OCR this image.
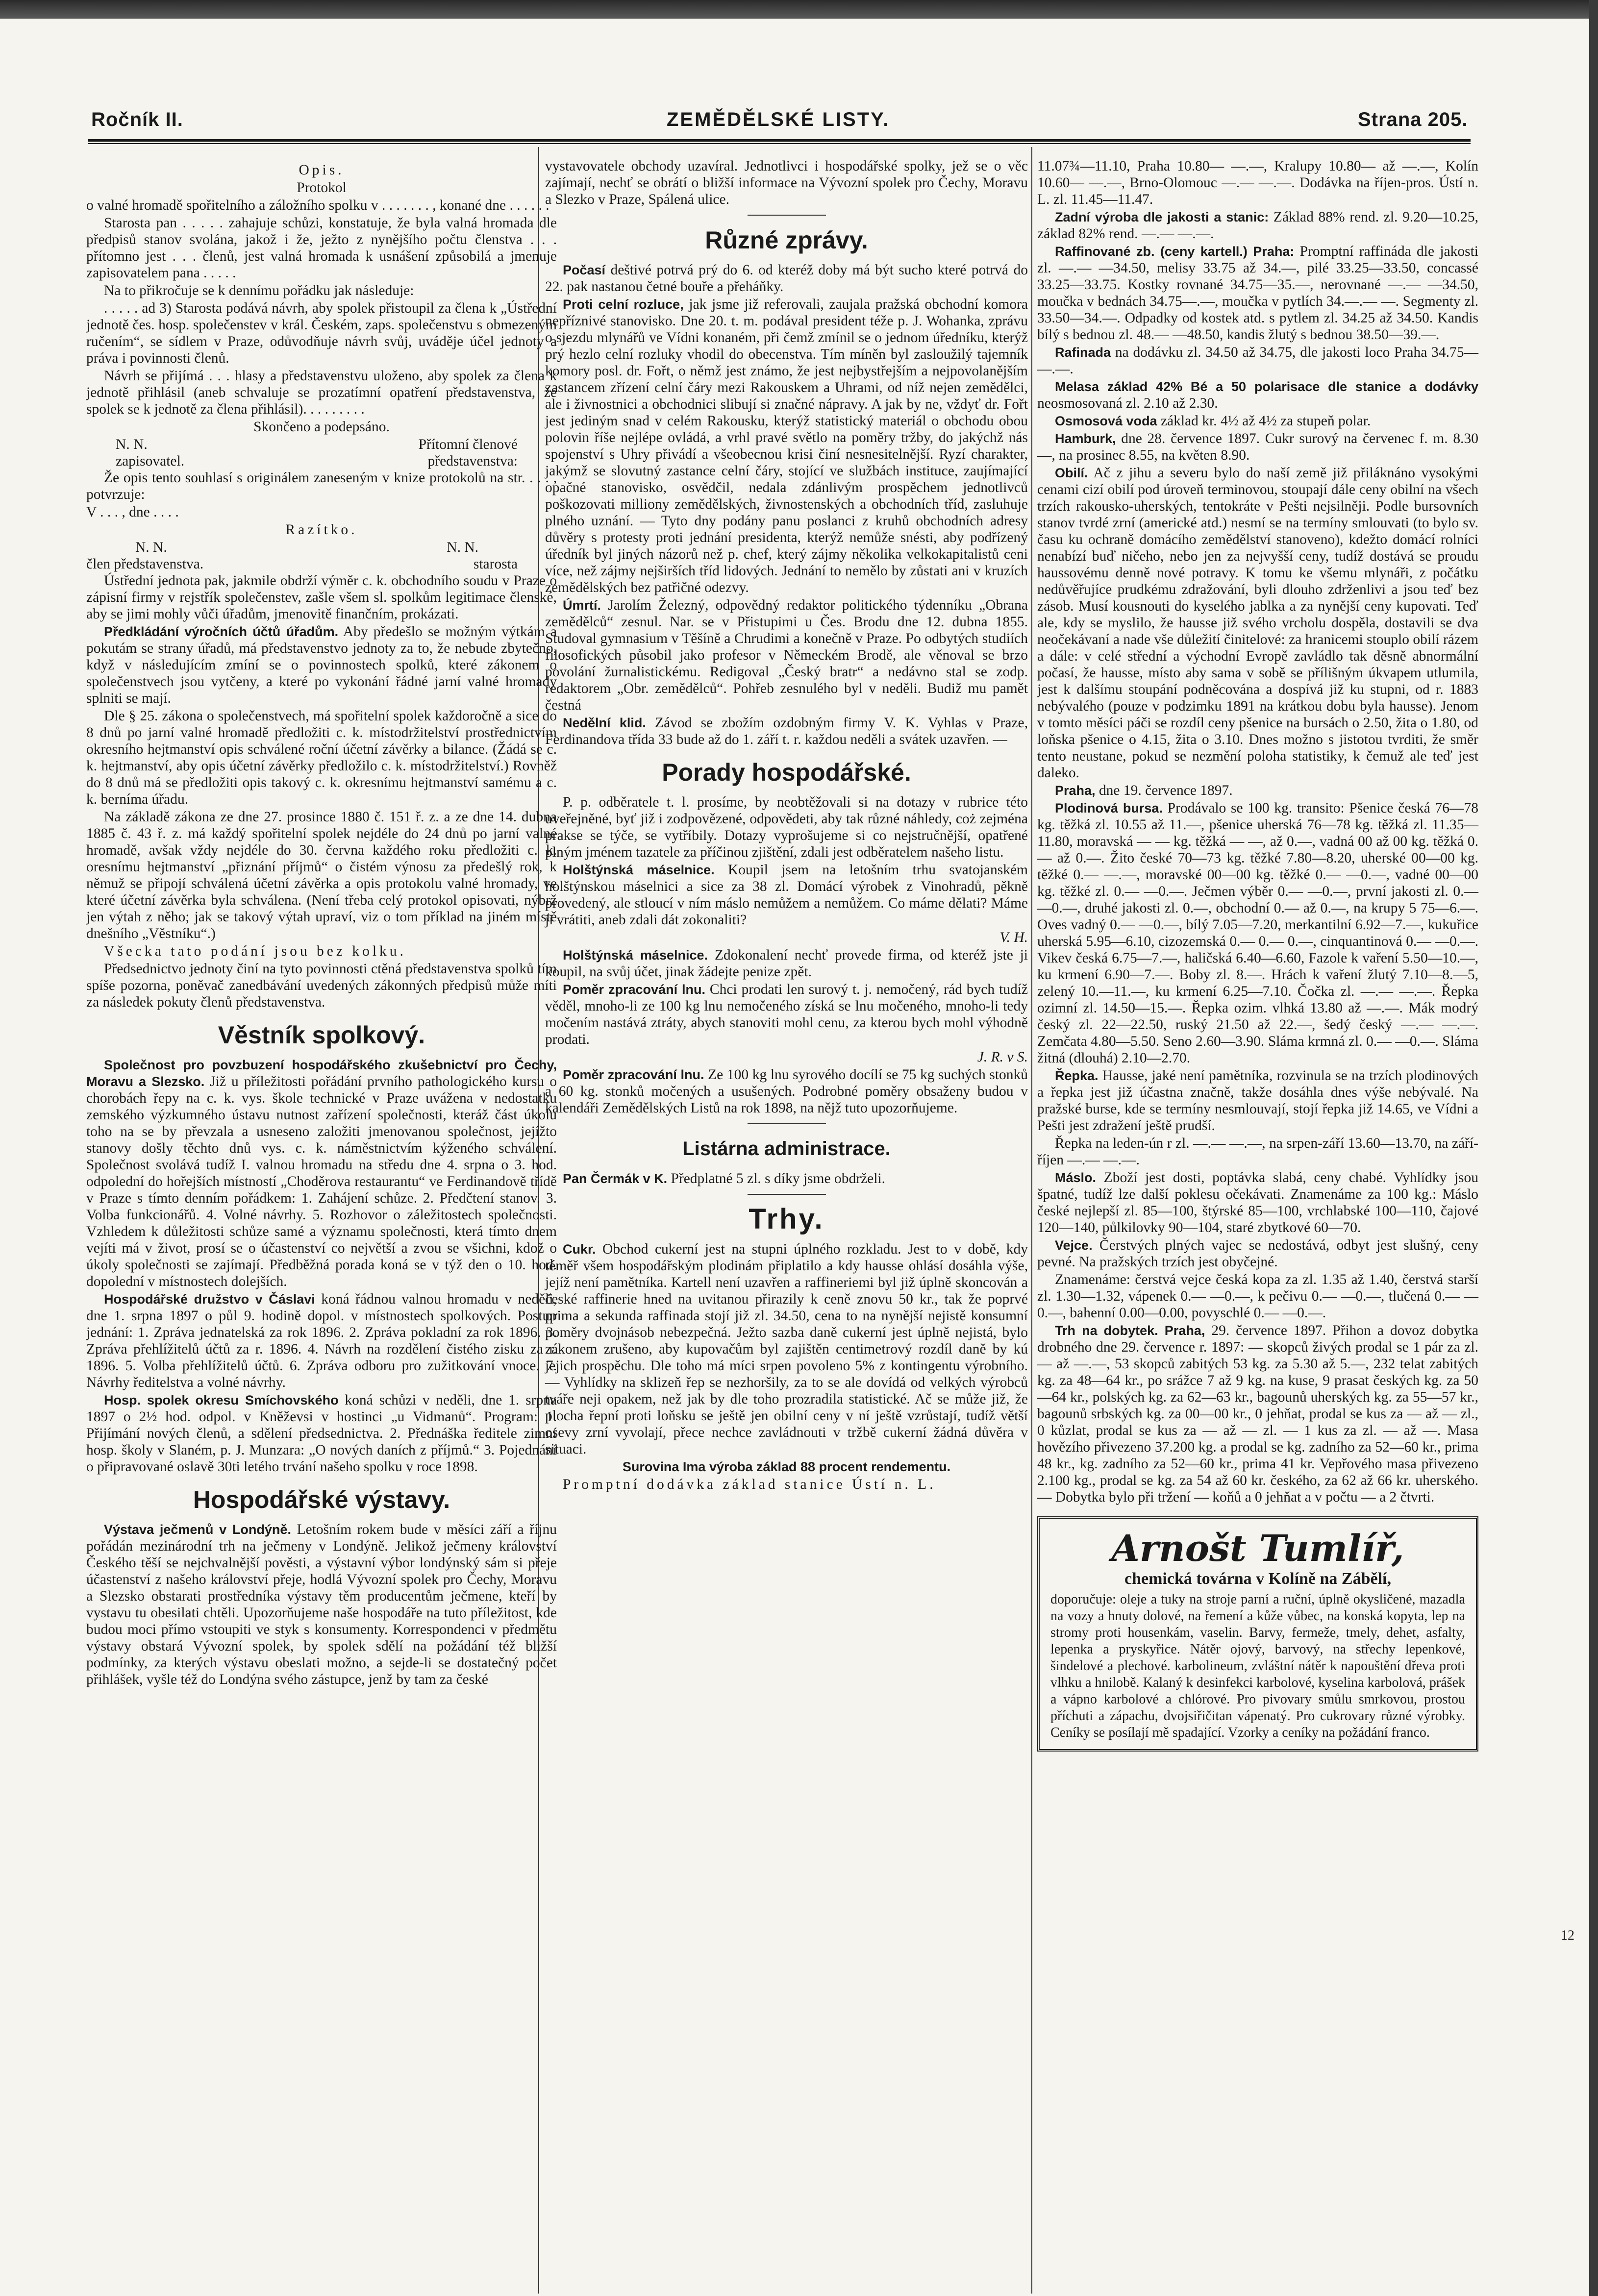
Ročník II.	ZEMĚDĚLSKÉ LISTY.	Strana 205.

Opis.

Protokol

o valné hromadě spořitelního a záložního spolku v . . . . . . . , konané dne . . . . . .

Starosta pan . . . . . zahajuje schůzi, konstatuje, že byla valná hromada dle předpisů stanov svolána, jakož i že, ježto z nynějšího počtu členstva . . . přítomno jest . . . členů, jest valná hromada k usnášení způsobilá a jmenuje zapisovatelem pana . . . . .

Na to přikročuje se k dennímu pořádku jak následuje:

. . . . . ad 3) Starosta podává návrh, aby spolek přistoupil za člena k „Ústřední jednotě čes. hosp. společenstev v král. Českém, zaps. společenstvu s obmezeným ručením“, se sídlem v Praze, odůvodňuje návrh svůj, uváděje účel jednoty a práva i povinnosti členů.

Návrh se přijímá . . . hlasy a představenstvu uloženo, aby spolek za člena k jednotě přihlásil (aneb schvaluje se prozatímní opatření představenstva, že spolek se k jednotě za člena přihlásil). . . . . . . . .

Skončeno a podepsáno.

N. N.	Přítomní členové
zapisovatel.	představenstva:

Že opis tento souhlasí s originálem zaneseným v knize protokolů na str. . . . , potvrzuje:

V . . . , dne . . . .

Razítko.

N. N.	N. N.
člen představenstva.	starosta

Ústřední jednota pak, jakmile obdrží výměr c. k. obchodního soudu v Praze o zápisní firmy v rejstřík společenstev, zašle všem sl. spolkům legitimace členské, aby se jimi mohly vůči úřadům, jmenovitě finančním, prokázati.

Předkládání výročních účtů úřadům. Aby předešlo se možným výtkám a pokutám se strany úřadů, má představenstvo jednoty za to, že nebude zbytečno, když v následujícím zmíní se o povinnostech spolků, které zákonem o společenstvech jsou vytčeny, a které po vykonání řádné jarní valné hromady splniti se mají.

Dle § 25. zákona o společenstvech, má spořitelní spolek každoročně a sice do 8 dnů po jarní valné hromadě předložiti c. k. místodržitelství prostřednictvím okresního hejtmanství opis schválené roční účetní závěrky a bilance. (Žádá se c. k. hejtmanství, aby opis účetní závěrky předložilo c. k. místodržitelství.) Rovněž do 8 dnů má se předložiti opis takový c. k. okresnímu hejtmanství samému a c. k. berníma úřadu.

Na základě zákona ze dne 27. prosince 1880 č. 151 ř. z. a ze dne 14. dubna 1885 č. 43 ř. z. má každý spořitelní spolek nejdéle do 24 dnů po jarní valné hromadě, avšak vždy nejdéle do 30. června každého roku předložiti c. k. oresnímu hejtmanství „přiznání příjmů“ o čistém výnosu za předešlý rok, k němuž se připojí schválená účetní závěrka a opis protokolu valné hromady, ve které účetní závěrka byla schválena. (Není třeba celý protokol opisovati, nýbrž jen výtah z něho; jak se takový výtah upraví, viz o tom příklad na jiném místě dnešního „Věstníku“.)

Všecka tato podání jsou bez kolku.

Předsednictvo jednoty činí na tyto povinnosti ctěná představenstva spolků tím spíše pozorna, poněvač zanedbávání uvedených zákonných předpisů může míti za následek pokuty členů představenstva.

Věstník spolkový.

Společnost pro povzbuzení hospodářského zkušebnictví pro Čechy, Moravu a Slezsko. Již u příležitosti pořádání prvního pathologického kursu o chorobách řepy na c. k. vys. škole technické v Praze uvážena v nedostatku zemského výzkumného ústavu nutnost zařízení společnosti, kteráž část úkolu toho na se by převzala a usneseno založiti jmenovanou společnost, jejížto stanovy došly těchto dnů vys. c. k. náměstnictvím kýženého schválení. Společnost svolává tudíž I. valnou hromadu na středu dne 4. srpna o 3. hod. odpolední do hořejších místností „Choděrova restaurantu“ ve Ferdinandově třídě v Praze s tímto denním pořádkem: 1. Zahájení schůze. 2. Předčtení stanov. 3. Volba funkcionářů. 4. Volné návrhy. 5. Rozhovor o záležitostech společnosti. Vzhledem k důležitosti schůze samé a významu společnosti, která tímto dnem vejíti má v život, prosí se o účastenství co největší a zvou se všichni, kdož o úkoly společnosti se zajímají. Předběžná porada koná se v týž den o 10. hod. dopolední v místnostech dolejších.

Hospodářské družstvo v Čáslavi koná řádnou valnou hromadu v neděli, dne 1. srpna 1897 o půl 9. hodině dopol. v místnostech spolkových. Postup jednání: 1. Zpráva jednatelská za rok 1896. 2. Zpráva pokladní za rok 1896. 3. Zpráva přehlížitelů účtů za r. 1896. 4. Návrh na rozdělení čistého zisku za r. 1896. 5. Volba přehlížitelů účtů. 6. Zpráva odboru pro zužitkování vnoce. 7. Návrhy ředitelstva a volné návrhy.

Hosp. spolek okresu Smíchovského koná schůzi v neděli, dne 1. srpna 1897 o 2½ hod. odpol. v Kněževsi v hostinci „u Vidmanů“. Program: 1. Přijímání nových členů, a sdělení předsednictva. 2. Přednáška ředitele zimní hosp. školy v Slaném, p. J. Munzara: „O nových daních z příjmů.“ 3. Pojednání o připravované oslavě 30ti letého trvání našeho spolku v roce 1898.

Hospodářské výstavy.

Výstava ječmenů v Londýně. Letošním rokem bude v měsíci září a říjnu pořádán mezinárodní trh na ječmeny v Londýně. Jelikož ječmeny království Českého těší se nejchvalnější pověsti, a výstavní výbor londýnský sám si přeje účastenství z našeho království přeje, hodlá Vývozní spolek pro Čechy, Moravu a Slezsko obstarati prostředníka výstavy těm producentům ječmene, kteří by vystavu tu obesilati chtěli. Upozorňujeme naše hospodáře na tuto příležitost, kde budou moci přímo vstoupiti ve styk s konsumenty. Korrespondenci v předmětu výstavy obstará Vývozní spolek, by spolek sdělí na požádání též bližší podmínky, za kterých výstavu obeslati možno, a sejde-li se dostatečný počet přihlášek, vyšle též do Londýna svého zástupce, jenž by tam za české

vystavovatele obchody uzavíral. Jednotlivci i hospodářské spolky, jež se o věc zajímají, nechť se obrátí o bližší informace na Vývozní spolek pro Čechy, Moravu a Slezko v Praze, Spálená ulice.

Různé zprávy.

Počasí deštivé potrvá prý do 6. od kteréž doby má být sucho které potrvá do 22. pak nastanou četné bouře a přeháňky.

Proti celní rozluce, jak jsme již referovali, zaujala pražská obchodní komora nepříznivé stanovisko. Dne 20. t. m. podával president téže p. J. Wohanka, zprávu o sjezdu mlynářů ve Vídni konaném, při čemž zmínil se o jednom úředníku, kterýž prý hezlo celní rozluky vhodil do obecenstva. Tím míněn byl zasloužilý tajemník komory posl. dr. Fořt, o němž jest známo, že jest nejbystřejším a nejpovolanějším zastancem zřízení celní čáry mezi Rakouskem a Uhrami, od níž nejen zemědělci, ale i živnostnici a obchodnici slibují si značné nápravy. A jak by ne, vždyť dr. Fořt jest jediným snad v celém Rakousku, kterýž statistický materiál o obchodu obou polovin říše nejlépe ovládá, a vrhl pravé světlo na poměry tržby, do jakýchž nás spojenství s Uhry přivádí a všeobecnou krisi činí nesnesitelnější. Ryzí charakter, jakýmž se slovutný zastance celní čáry, stojící ve službách instituce, zaujímající opačné stanovisko, osvědčil, nedala zdánlivým prospěchem jednotlivců poškozovati milliony zemědělských, živnostenských a obchodních tříd, zasluhuje plného uznání. — Tyto dny podány panu poslanci z kruhů obchodních adresy důvěry s protesty proti jednání presidenta, kterýž nemůže snésti, aby podřízený úředník byl jiných názorů než p. chef, který zájmy několika velkokapitalistů ceni více, než zájmy nejširších tříd lidových. Jednání to nemělo by zůstati ani v kruzích zemědělských bez patřičné odezvy.

Úmrtí. Jarolím Železný, odpovědný redaktor politického týdenníku „Obrana zemědělců“ zesnul. Nar. se v Přistupimi u Čes. Brodu dne 12. dubna 1855. Studoval gymnasium v Těšíně a Chrudimi a konečně v Praze. Po odbytých studiích filosofických působil jako profesor v Německém Brodě, ale věnoval se brzo povolání žurnalistickému. Redigoval „Český bratr“ a nedávno stal se zodp. redaktorem „Obr. zemědělců“. Pohřeb zesnulého byl v neděli. Budiž mu pamět čestná

Nedělní klid. Závod se zbožím ozdobným firmy V. K. Vyhlas v Praze, Ferdinandova třída 33 bude až do 1. září t. r. každou neděli a svátek uzavřen. —

Porady hospodářské.

P. p. odběratele t. l. prosíme, by neobtěžovali si na dotazy v rubrice této uveřejněné, byť již i zodpovězené, odpovědeti, aby tak různé náhledy, coż zejména prakse se týče, se vytříbily. Dotazy vyprošujeme si co nejstručnější, opatřené plným jménem tazatele za příčinou zjištění, zdali jest odběratelem našeho listu.

Holštýnská máselnice. Koupil jsem na letošním trhu svatojanském holštýnskou máselnici a sice za 38 zl. Domácí výrobek z Vinohradů, pěkně provedený, ale stloucí v ním máslo nemůžem a nemůžem. Co máme dělati? Máme ji vrátiti, aneb zdali dát zokonaliti?

V. H.

Holštýnská máselnice. Zdokonalení nechť provede firma, od kteréž jste ji koupil, na svůj účet, jinak žádejte penize zpět.

Poměr zpracování lnu. Chci prodati len surový t. j. nemočený, rád bych tudíž věděl, mnoho-li ze 100 kg lnu nemočeného získá se lnu močeného, mnoho-li tedy močením nastává ztráty, abych stanoviti mohl cenu, za kterou bych mohl výhodně prodati.

J. R. v S.

Poměr zpracování lnu. Ze 100 kg lnu syrového docílí se 75 kg suchých stonků a 60 kg. stonků močených a usušených. Podrobné poměry obsaženy budou v kalendáři Zemědělských Listů na rok 1898, na nějž tuto upozorňujeme.

Listárna administrace.

Pan Čermák v K. Předplatné 5 zl. s díky jsme obdrželi.

Trhy.

Cukr. Obchod cukerní jest na stupni úplného rozkladu. Jest to v době, kdy téměř všem hospodářským plodinám připlatilo a kdy hausse ohlásí dosáhla výše, jejíž není pamětníka. Kartell není uzavřen a raffineriemi byl již úplně skoncován a české raffinerie hned na uvitanou přirazily k ceně znovu 50 kr., tak že poprvé prima a sekunda raffinada stojí již zl. 34.50, cena to na nynější nejistě konsumní poměry dvojnásob nebezpečná. Ježto sazba daně cukerní jest úplně nejistá, bylo zákonem zrušeno, aby kupovačům byl zajištěn centimetrový rozdíl daně by kú jejich prospěchu. Dle toho má míci srpen povoleno 5% z kontingentu výrobního. — Vyhlídky na sklizeň řep se nezhoršily, za to se ale dovídá od velkých výrobců tváře neji opakem, než jak by dle toho prozradila statistické. Ač se může již, že plocha řepní proti loňsku se ještě jen obilní ceny v ní ještě vzrůstají, tudíž větší osevy zrní vyvolají, přece nechce zavládnouti v tržbě cukerní žádná důvěra v situaci.

Surovina Ima výroba základ 88 procent rendementu.

Promptní dodávka základ stanice Ústí n. L.

11.07¾—11.10, Praha 10.80— —.—, Kralupy 10.80— až —.—, Kolín 10.60— —.—, Brno-Olomouc —.— —.—. Dodávka na říjen-pros. Ústí n. L. zl. 11.45—11.47.

Zadní výroba dle jakosti a stanic: Základ 88% rend. zl. 9.20—10.25, základ 82% rend. —.— —.—.

Raffinované zb. (ceny kartell.) Praha: Promptní raffináda dle jakosti zl. —.— —34.50, melisy 33.75 až 34.—, pilé 33.25—33.50, concassé 33.25—33.75. Kostky rovnané 34.75—35.—, nerovnané —.— —34.50, moučka v bednách 34.75—.—, moučka v pytlích 34.—.— —. Segmenty zl. 33.50—34.—. Odpadky od kostek atd. s pytlem zl. 34.25 až 34.50. Kandis bílý s bednou zl. 48.— —48.50, kandis žlutý s bednou 38.50—39.—.

Rafinada na dodávku zl. 34.50 až 34.75, dle jakosti loco Praha 34.75— —.—.

Melasa základ 42% Bé a 50 polarisace dle stanice a dodávky neosmosovaná zl. 2.10 až 2.30.

Osmosová voda základ kr. 4½ až 4½ za stupeň polar.

Hamburk, dne 28. července 1897. Cukr surový na červenec f. m. 8.30—, na prosinec 8.55, na květen 8.90.

Obilí. Ač z jihu a severu bylo do naší země již přiláknáno vysokými cenami cizí obilí pod úroveň terminovou, stoupají dále ceny obilní na všech trzích rakousko-uherských, tentokráte v Pešti nejsilněji. Podle bursovních stanov tvrdé zrní (americké atd.) nesmí se na termíny smlouvati (to bylo sv. času ku ochraně domácího zemědělství stanoveno), kdežto domácí rolníci nenabízí buď ničeho, nebo jen za nejvyšší ceny, tudíž dostává se proudu haussovému denně nové potravy. K tomu ke všemu mlynáři, z počátku nedůvěřujíce prudkému zdražování, byli dlouho zdrženlivi a jsou teď bez zásob. Musí kousnouti do kyselého jablka a za nynější ceny kupovati. Teď ale, kdy se myslilo, že hausse již svého vrcholu dospěla, dostavili se dva neočekávaní a nade vše důležití činitelové: za hranicemi stouplo obilí rázem a dále: v celé střední a východní Evropě zavládlo tak děsně abnormální počasí, že hausse, místo aby sama v sobě se přílišným úkvapem utlumila, jest k dalšímu stoupání podněcována a dospívá již ku stupni, od r. 1883 nebývalého (pouze v podzimku 1891 na krátkou dobu byla hausse). Jenom v tomto měsíci páči se rozdíl ceny pšenice na bursách o 2.50, žita o 1.80, od loňska pšenice o 4.15, žita o 3.10. Dnes možno s jistotou tvrditi, že směr tento neustane, pokud se nezmění poloha statistiky, k čemuž ale teď jest daleko.

Praha, dne 19. července 1897.

Plodinová bursa. Prodávalo se 100 kg. transito: Pšenice česká 76—78 kg. těžká zl. 10.55 až 11.—, pšenice uherská 76—78 kg. těžká zl. 11.35—11.80, moravská — — kg. těžká — —, až 0.—, vadná 00 až 00 kg. těžká 0.— až 0.—. Žito české 70—73 kg. těžké 7.80—8.20, uherské 00—00 kg. těžké 0.— —.—, moravské 00—00 kg. těžké 0.— —0.—, vadné 00—00 kg. těžké zl. 0.— —0.—. Ječmen výběr 0.— —0.—, první jakosti zl. 0.— —0.—, druhé jakosti zl. 0.—, obchodní 0.— až 0.—, na krupy 5 75—6.—. Oves vadný 0.— —0.—, bílý 7.05—7.20, merkantilní 6.92—7.—, kukuřice uherská 5.95—6.10, cizozemská 0.— 0.— 0.—, cinquantinová 0.— —0.—. Vikev česká 6.75—7.—, haličská 6.40—6.60, Fazole k vaření 5.50—10.—, ku krmení 6.90—7.—. Boby zl. 8.—. Hrách k vaření žlutý 7.10—8.—5, zelený 10.—11.—, ku krmení 6.25—7.10. Čočka zl. —.— —.—. Řepka ozimní zl. 14.50—15.—. Řepka ozim. vlhká 13.80 až —.—. Mák modrý český zl. 22—22.50, ruský 21.50 až 22.—, šedý český —.— —.—. Zemčata 4.80—5.50. Seno 2.60—3.90. Sláma krmná zl. 0.— —0.—. Sláma žitná (dlouhá) 2.10—2.70.

Řepka. Hausse, jaké není pamětníka, rozvinula se na trzích plodinových a řepka jest již účastna značně, takže dosáhla dnes výše nebývalé. Na pražské burse, kde se termíny nesmlouvají, stojí řepka již 14.65, ve Vídni a Pešti jest zdražení ještě prudší.

Řepka na leden-ún r zl. —.— —.—, na srpen-září 13.60—13.70, na září-říjen —.— —.—.

Máslo. Zboží jest dosti, poptávka slabá, ceny chabé. Vyhlídky jsou špatné, tudíž lze další poklesu očekávati. Znamenáme za 100 kg.: Máslo české nejlepší zl. 85—100, štýrské 85—100, vrchlabské 100—110, čajové 120—140, půlkilovky 90—104, staré zbytkové 60—70.

Vejce. Čerstvých plných vajec se nedostává, odbyt jest slušný, ceny pevné. Na pražských trzích jest obyčejné.

Znamenáme: čerstvá vejce česká kopa za zl. 1.35 až 1.40, čerstvá starší zl. 1.30—1.32, vápenek 0.— —0.—, k pečivu 0.— —0.—, tlučená 0.— —0.—, bahenní 0.00—0.00, povyschlé 0.— —0.—.

Trh na dobytek. Praha, 29. července 1897. Přihon a dovoz dobytka drobného dne 29. července r. 1897: — skopců živých prodal se 1 pár za zl. — až —.—, 53 skopců zabitých 53 kg. za 5.30 až 5.—, 232 telat zabitých kg. za 48—64 kr., po srážce 7 až 9 kg. na kuse, 9 prasat českých kg. za 50—64 kr., polských kg. za 62—63 kr., bagounů uherských kg. za 55—57 kr., bagounů srbských kg. za 00—00 kr., 0 jehňat, prodal se kus za — až — zl., 0 kůzlat, prodal se kus za — až — zl. — 1 kus za zl. — až —. Masa hovězího přivezeno 37.200 kg. a prodal se kg. zadního za 52—60 kr., prima 48 kr., kg. zadního za 52—60 kr., prima 41 kr. Vepřového masa přivezeno 2.100 kg., prodal se kg. za 54 až 60 kr. českého, za 62 až 66 kr. uherského. — Dobytka bylo při tržení — koňů a 0 jehňat a v počtu — a 2 čtvrti.

Arnošt Tumlíř,
chemická továrna v Kolíně na Zábělí,
doporučuje: oleje a tuky na stroje parní a ruční, úplně okysličené, mazadla na vozy a hnuty dolové, na řemení a kůže vůbec, na konská kopyta, lep na stromy proti housenkám, vaselin. Barvy, fermeže, tmely, dehet, asfalty, lepenka a pryskyřice. Nátěr ojový, barvový, na střechy lepenkové, šindelové a plechové. karbolineum, zvláštní nátěr k napouštění dřeva proti vlhku a hnilobě. Kalaný k desinfekci karbolové, kyselina karbolová, prášek a vápno karbolové a chlórové. Pro pivovary smůlu smrkovou, prostou příchuti a zápachu, dvojsiřičitan vápenatý. Pro cukrovary různé výrobky. Ceníky se posílají mě spadající. Vzorky a ceníky na požádání franco.
12
